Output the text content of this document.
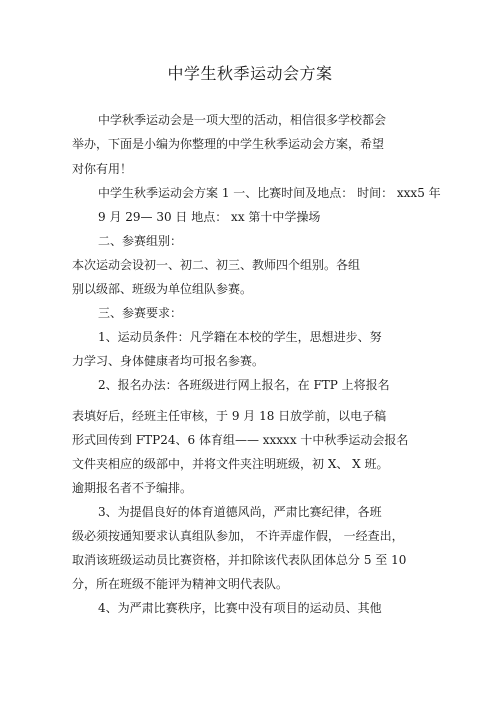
中学生秋季运动会方案
中学秋季运动会是一项大型的活动，相信很多学校都会
举办，下面是小编为你整理的中学生秋季运动会方案，希望
对你有用！
中学生秋季运动会方案 1 一、比赛时间及地点： 时间： xxx5 年
9 月 29— 30 日 地点： xx 第十中学操场
二、参赛组别：
本次运动会设初一、初二、初三、教师四个组别。各组
别以级部、班级为单位组队参赛。
三、参赛要求：
1、运动员条件：凡学籍在本校的学生，思想进步、努
力学习、身体健康者均可报名参赛。
2、报名办法：各班级进行网上报名，在 FTP 上将报名
表填好后，经班主任审核，于 9 月 18 日放学前，以电子稿
形式回传到 FTP24、6 体育组—— xxxxx 十中秋季运动会报名
文件夹相应的级部中，并将文件夹注明班级，初 X、 X 班。
逾期报名者不予编排。
3、为提倡良好的体育道德风尚，严肃比赛纪律，各班
级必须按通知要求认真组队参加， 不许弄虚作假， 一经查出，
取消该班级运动员比赛资格，并扣除该代表队团体总分 5 至 10
分，所在班级不能评为精神文明代表队。
4、为严肃比赛秩序，比赛中没有项目的运动员、其他
